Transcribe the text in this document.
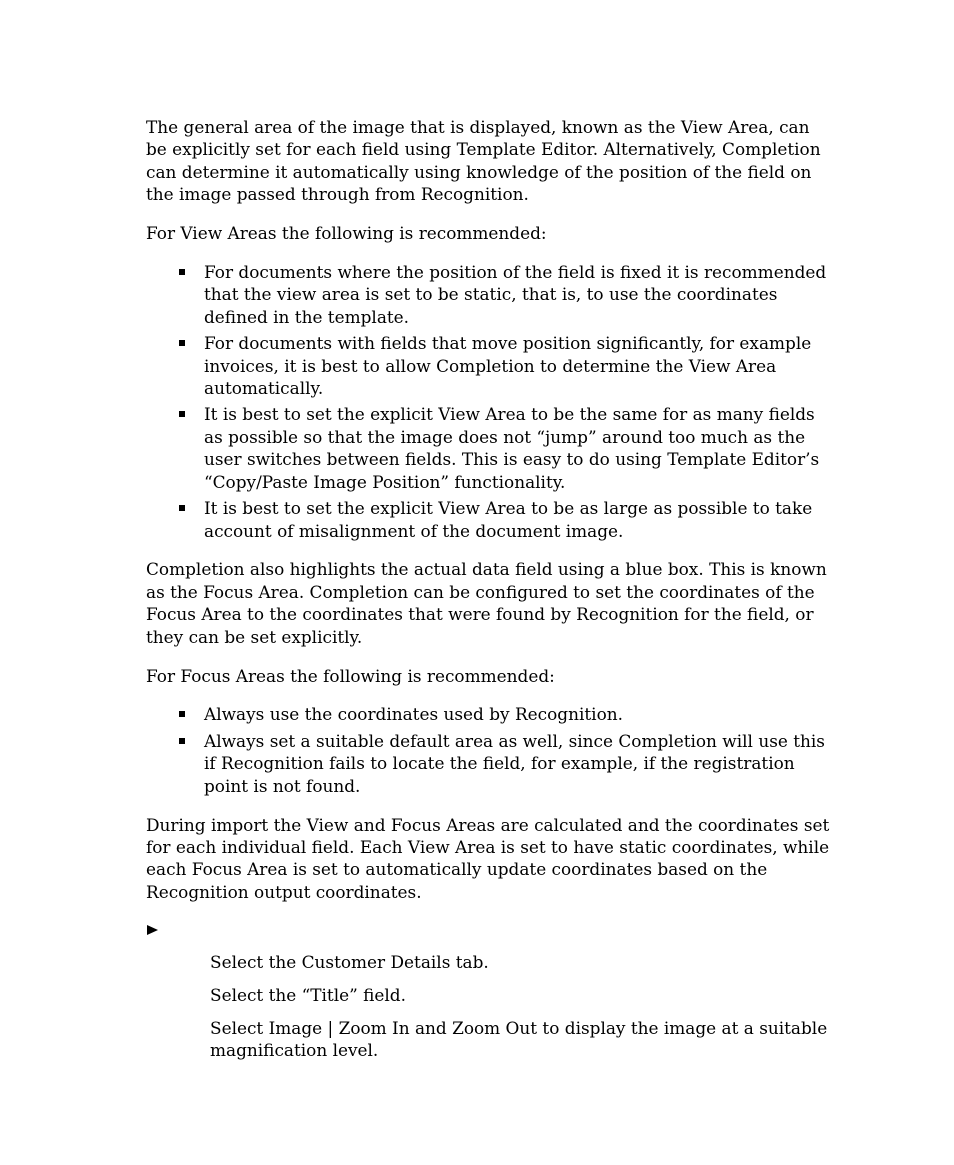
The general area of the image that is displayed, known as the View Area, can be explicitly set for each field using Template Editor. Alternatively, Completion can determine it automatically using knowledge of the position of the field on the image passed through from Recognition.

For View Areas the following is recommended:

For documents where the position of the field is fixed it is recommended that the view area is set to be static, that is, to use the coordinates defined in the template.
For documents with fields that move position significantly, for example invoices, it is best to allow Completion to determine the View Area automatically.
It is best to set the explicit View Area to be the same for as many fields as possible so that the image does not “jump” around too much as the user switches between fields. This is easy to do using Template Editor’s “Copy/Paste Image Position” functionality.
It is best to set the explicit View Area to be as large as possible to take account of misalignment of the document image.

Completion also highlights the actual data field using a blue box. This is known as the Focus Area. Completion can be configured to set the coordinates of the Focus Area to the coordinates that were found by Recognition for the field, or they can be set explicitly.

For Focus Areas the following is recommended:

Always use the coordinates used by Recognition.
Always set a suitable default area as well, since Completion will use this if Recognition fails to locate the field, for example, if the registration point is not found.

During import the View and Focus Areas are calculated and the coordinates set for each individual field. Each View Area is set to have static coordinates, while each Focus Area is set to automatically update coordinates based on the Recognition output coordinates.

Select the Customer Details tab.
Select the “Title” field.
Select Image | Zoom In and Zoom Out to display the image at a suitable magnification level.
